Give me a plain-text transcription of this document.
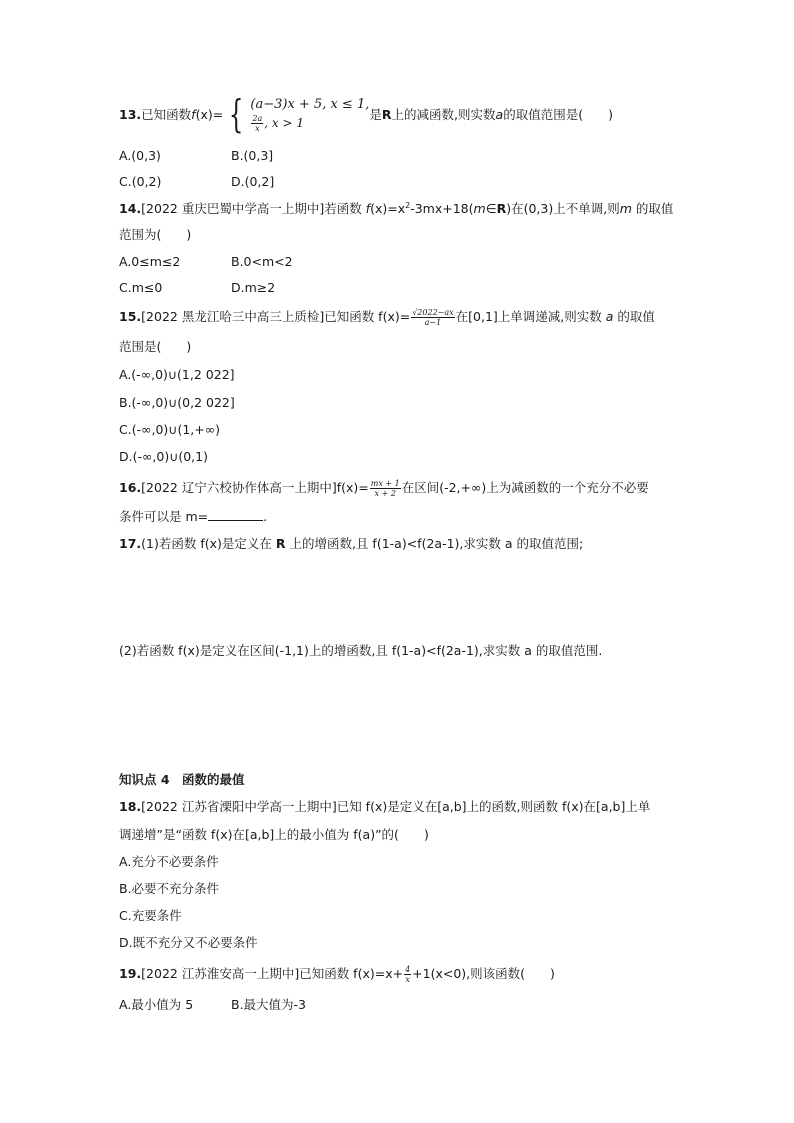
13. 已知函数 f (x)= { (a−3)x + 5, x ≤ 1,
$\frac{2a}{x}$ , x > 1
是 R 上的减函数,则实数 a 的取值范围是(　　)
A.(0,3)	B.(0,3]
C.(0,2)	D.(0,2]
14.[2022 重庆巴蜀中学高一上期中]若函数 $f(x)=x^2-3mx+18(m\in R)$在(0,3)上不单调,则m 的取值
范围为(　　)
A.0≤m≤2	B.0<m<2
C.m≤0	D.m≥2
15.[2022 黑龙江哈三中高三上质检]已知函数 $f(x)= \frac{√2022-ax}{a-1}$ 在[0,1]上单调递减,则实数 a 的取值
范围是(　　)
A.(-∞,0)∪(1,2 022]
B.(-∞,0)∪(0,2 022]
C.(-∞,0)∪(1,+∞)
D.(-∞,0)∪(0,1)
16.[2022 辽宁六校协作体高一上期中]$f(x)= \frac{mx + 1}{x + 2}$ 在区间(-2,+∞)上为减函数的一个充分不必要
条件可以是 m=	.
17.(1)若函数 f(x)是定义在 R 上的增函数,且 f(1-a)<f(2a-1),求实数 a 的取值范围;
(2)若函数 f(x)是定义在区间(-1,1)上的增函数,且 f(1-a)<f(2a-1),求实数 a 的取值范围.
知识点 4　函数的最值
18.[2022 江苏省溧阳中学高一上期中]已知 f(x)是定义在[a,b]上的函数,则函数 f(x)在[a,b]上单
调递增”是“函数 f(x)在[a,b]上的最小值为 f(a)”的(　　)
A.充分不必要条件
B.必要不充分条件
C.充要条件
D.既不充分又不必要条件
19.[2022 江苏淮安高一上期中]已知函数 $f(x)=x+ \frac{4}{x} +1(x<0)$,则该函数(　　)
A.最小值为 5	B.最大值为-3
